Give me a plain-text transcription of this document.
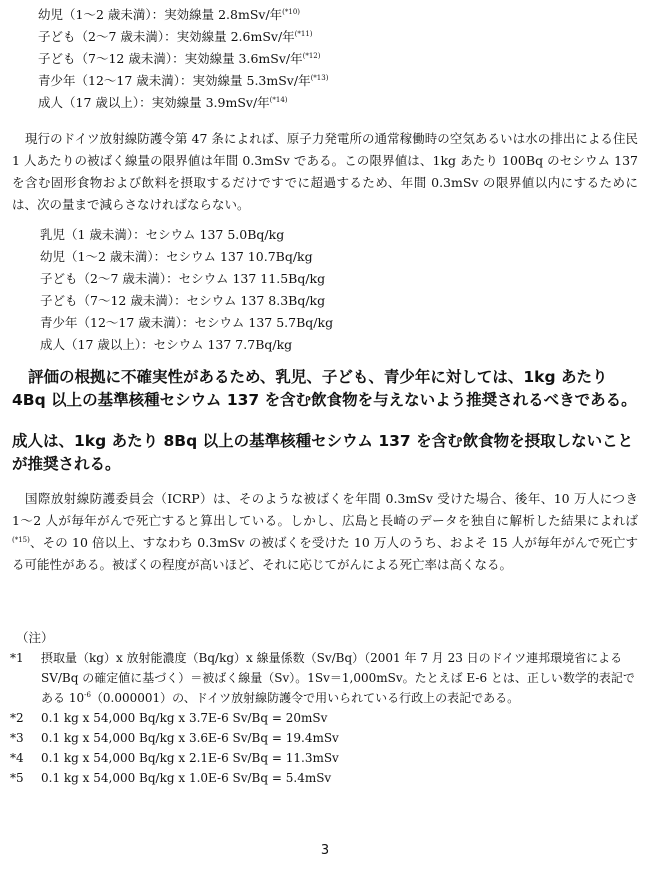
幼児（1〜2 歳未満）：実効線量 2.8mSv/年$^{(*10)}$
子ども（2〜7 歳未満）：実効線量 2.6mSv/年$^{(*11)}$
子ども（7〜12 歳未満）：実効線量 3.6mSv/年$^{(*12)}$
青少年（12〜17 歳未満）：実効線量 5.3mSv/年$^{(*13)}$
成人（17 歳以上）：実効線量 3.9mSv/年$^{(*14)}$

現行のドイツ放射線防護令第 47 条によれば、原子力発電所の通常稼働時の空気あるいは水の排出による住民 1 人あたりの被ばく線量の限界値は年間 0.3mSv である。この限界値は、1kg あたり 100Bq のセシウム 137 を含む固形食物および飲料を摂取するだけですでに超過するため、年間 0.3mSv の限界値以内にするためには、次の量まで減らさなければならない。

乳児（1 歳未満）：セシウム 137 5.0Bq/kg
幼児（1〜2 歳未満）：セシウム 137 10.7Bq/kg
子ども（2〜7 歳未満）：セシウム 137 11.5Bq/kg
子ども（7〜12 歳未満）：セシウム 137 8.3Bq/kg
青少年（12〜17 歳未満）：セシウム 137 5.7Bq/kg
成人（17 歳以上）：セシウム 137 7.7Bq/kg

評価の根拠に不確実性があるため、乳児、子ども、青少年に対しては、1kg あたり 4Bq 以上の基準核種セシウム 137 を含む飲食物を与えないよう推奨されるべきである。

成人は、1kg あたり 8Bq 以上の基準核種セシウム 137 を含む飲食物を摂取しないことが推奨される。

国際放射線防護委員会（ICRP）は、そのような被ばくを年間 0.3mSv 受けた場合、後年、10 万人につき 1〜2 人が毎年がんで死亡すると算出している。しかし、広島と長崎のデータを独自に解析した結果によれば$^{(*15)}$、その 10 倍以上、すなわち 0.3mSv の被ばくを受けた 10 万人のうち、およそ 15 人が毎年がんで死亡する可能性がある。被ばくの程度が高いほど、それに応じてがんによる死亡率は高くなる。

（注）

*1	摂取量（kg）x 放射能濃度（Bq/kg）x 線量係数（Sv/Bq）（2001 年 7 月 23 日のドイツ連邦環境省による SV/Bq の確定値に基づく）＝被ばく線量（Sv）。1Sv＝1,000mSv。たとえば E-6 とは、正しい数学的表記である $10^{-6}(0.000001)$の、ドイツ放射線防護令で用いられている行政上の表記である。
*2	0.1 kg x 54,000 Bq/kg x 3.7E-6 Sv/Bq = 20mSv
*3	0.1 kg x 54,000 Bq/kg x 3.6E-6 Sv/Bq = 19.4mSv
*4	0.1 kg x 54,000 Bq/kg x 2.1E-6 Sv/Bq = 11.3mSv
*5	0.1 kg x 54,000 Bq/kg x 1.0E-6 Sv/Bq = 5.4mSv
3
